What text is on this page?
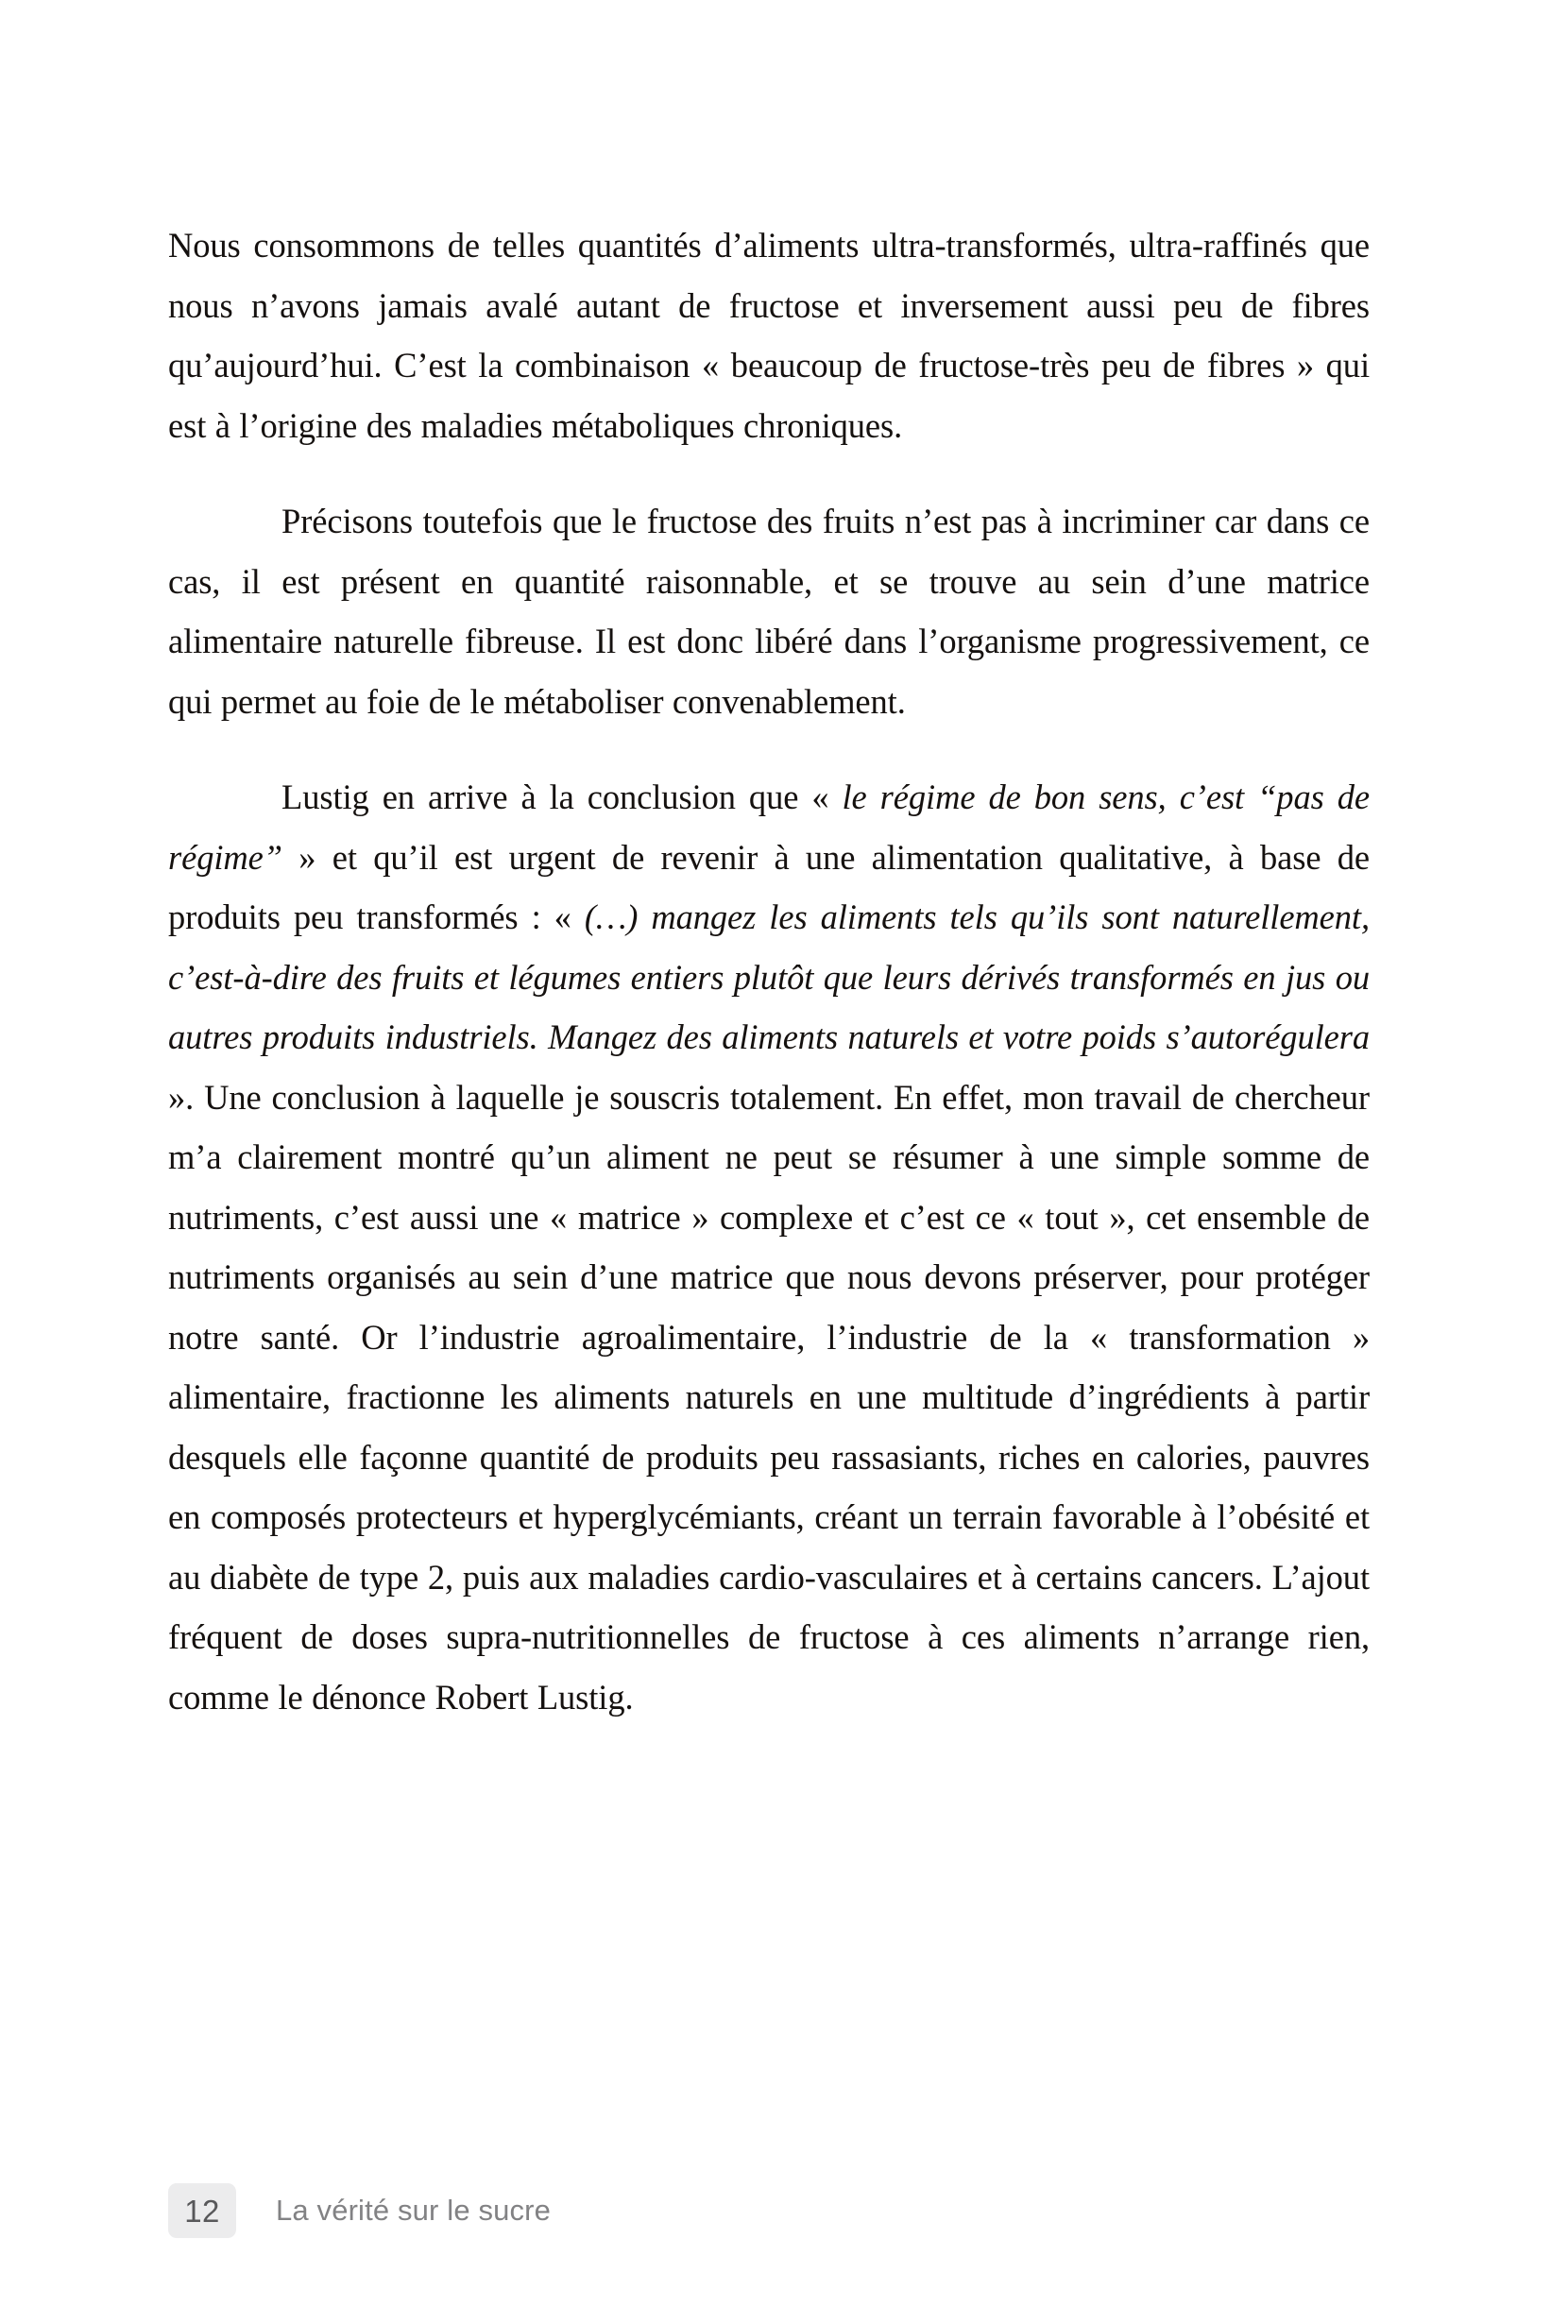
Nous consommons de telles quantités d’aliments ultra-transformés, ultra-raffinés que nous n’avons jamais avalé autant de fructose et inversement aussi peu de fibres qu’aujourd’hui. C’est la combinaison « beaucoup de fructose-très peu de fibres » qui est à l’origine des maladies métaboliques chroniques.

Précisons toutefois que le fructose des fruits n’est pas à incriminer car dans ce cas, il est présent en quantité raisonnable, et se trouve au sein d’une matrice alimentaire naturelle fibreuse. Il est donc libéré dans l’organisme progressivement, ce qui permet au foie de le métaboliser convenablement.

Lustig en arrive à la conclusion que « le régime de bon sens, c’est “pas de régime” » et qu’il est urgent de revenir à une alimentation qualitative, à base de produits peu transformés : « (…) mangez les aliments tels qu’ils sont naturellement, c’est-à-dire des fruits et légumes entiers plutôt que leurs dérivés transformés en jus ou autres produits industriels. Mangez des aliments naturels et votre poids s’autorégulera ». Une conclusion à laquelle je souscris totalement. En effet, mon travail de chercheur m’a clairement montré qu’un aliment ne peut se résumer à une simple somme de nutriments, c’est aussi une « matrice » complexe et c’est ce « tout », cet ensemble de nutriments organisés au sein d’une matrice que nous devons préserver, pour protéger notre santé. Or l’industrie agroalimentaire, l’industrie de la « transformation » alimentaire, fractionne les aliments naturels en une multitude d’ingrédients à partir desquels elle façonne quantité de produits peu rassasiants, riches en calories, pauvres en composés protecteurs et hyperglycémiants, créant un terrain favorable à l’obésité et au diabète de type 2, puis aux maladies cardio-vasculaires et à certains cancers. L’ajout fréquent de doses supra-nutritionnelles de fructose à ces aliments n’arrange rien, comme le dénonce Robert Lustig.

12 La vérité sur le sucre
